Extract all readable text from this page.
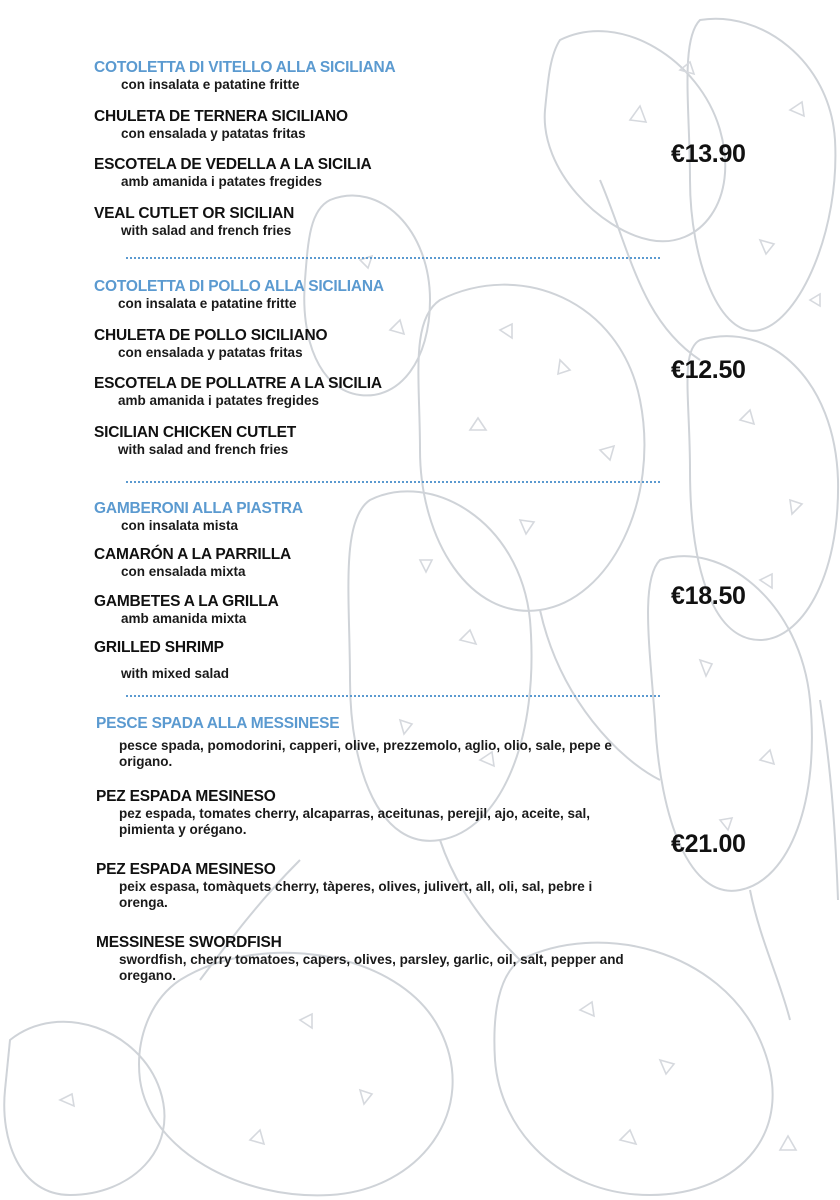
COTOLETTA DI VITELLO ALLA SICILIANA

con insalata e patatine fritte

CHULETA DE TERNERA SICILIANO

con ensalada y patatas fritas

ESCOTELA DE VEDELLA A LA SICILIA

amb amanida i patates fregides

VEAL CUTLET OR SICILIAN

with salad and french fries

€13.90

COTOLETTA DI POLLO ALLA SICILIANA

con insalata e patatine fritte

CHULETA DE POLLO SICILIANO

con ensalada y patatas fritas

ESCOTELA DE POLLATRE A LA SICILIA

amb amanida i patates fregides

SICILIAN CHICKEN CUTLET

with salad and french fries

€12.50

GAMBERONI ALLA PIASTRA

con insalata mista

CAMARÓN A LA PARRILLA

con ensalada mixta

GAMBETES A LA GRILLA

amb amanida mixta

GRILLED SHRIMP

with mixed salad

€18.50

PESCE SPADA ALLA MESSINESE

pesce spada, pomodorini, capperi, olive, prezzemolo, aglio, olio, sale, pepe e origano.

PEZ ESPADA MESINESO

pez espada, tomates cherry, alcaparras, aceitunas, perejil, ajo, aceite, sal, pimienta y orégano.

PEZ ESPADA MESINESO

peix espasa, tomàquets cherry, tàperes, olives, julivert, all, oli, sal, pebre i orenga.

MESSINESE SWORDFISH

swordfish, cherry tomatoes, capers, olives, parsley, garlic, oil, salt, pepper and oregano.

€21.00
